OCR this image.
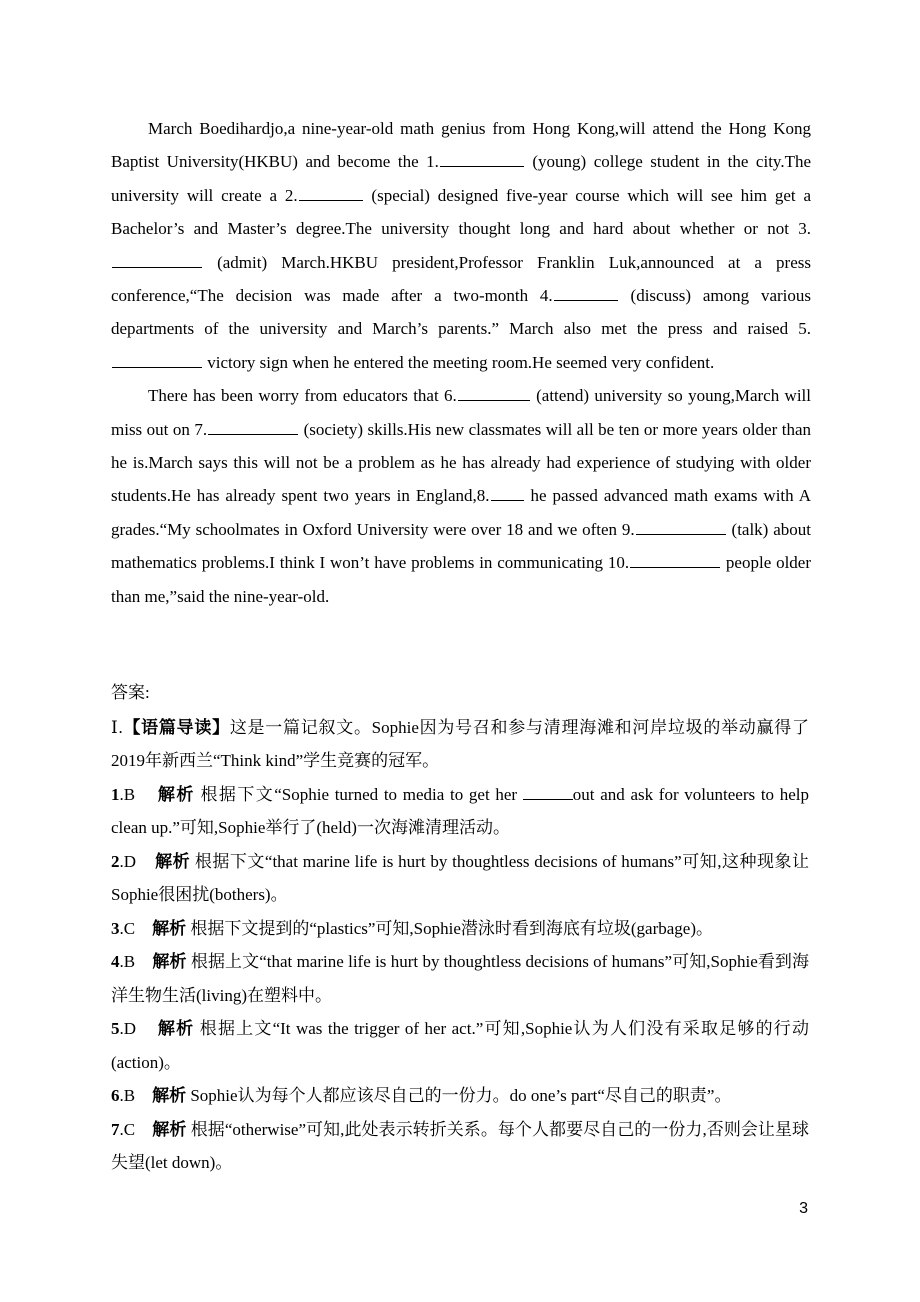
March Boedihardjo,a nine-year-old math genius from Hong Kong,will attend the Hong Kong Baptist University(HKBU) and become the 1.	(young) college student in the city.The university will create a 2.	(special) designed five-year course which will see him get a Bachelor’s and Master’s degree.The university thought long and hard about whether or not 3. (admit) March.HKBU president,Professor Franklin Luk,announced at a press conference,“The decision was made after a two-month 4.	(discuss) among various departments of the university and March’s parents.” March also met the press and raised 5. victory sign when he entered the meeting room.He seemed very confident.

There has been worry from educators that 6.	(attend) university so young,March will miss out on 7.	(society) skills.His new classmates will all be ten or more years older than he is.March says this will not be a problem as he has already had experience of studying with older students.He has already spent two years in England,8. he passed advanced math exams with A grades.“My schoolmates in Oxford University were over 18 and we often 9.	(talk) about mathematics problems.I think I won’t have problems in communicating 10.	people older than me,”said the nine-year-old.

答案:

Ⅰ.【语篇导读】这是一篇记叙文。Sophie因为号召和参与清理海滩和河岸垃圾的举动赢得了2019年新西兰“Think kind”学生竞赛的冠军。

1.B 解析 根据下文“Sophie turned to media to get her	out and ask for volunteers to help clean up.”可知,Sophie举行了(held)一次海滩清理活动。

2.D 解析 根据下文“that marine life is hurt by thoughtless decisions of humans”可知,这种现象让Sophie很困扰(bothers)。

3.C 解析 根据下文提到的“plastics”可知,Sophie潜泳时看到海底有垃圾(garbage)。

4.B 解析 根据上文“that marine life is hurt by thoughtless decisions of humans”可知,Sophie看到海洋生物生活(living)在塑料中。

5.D 解析 根据上文“It was the trigger of her act.”可知,Sophie认为人们没有采取足够的行动(action)。

6.B 解析 Sophie认为每个人都应该尽自己的一份力。do one’s part“尽自己的职责”。

7.C 解析 根据“otherwise”可知,此处表示转折关系。每个人都要尽自己的一份力,否则会让星球失望(let down)。

3
